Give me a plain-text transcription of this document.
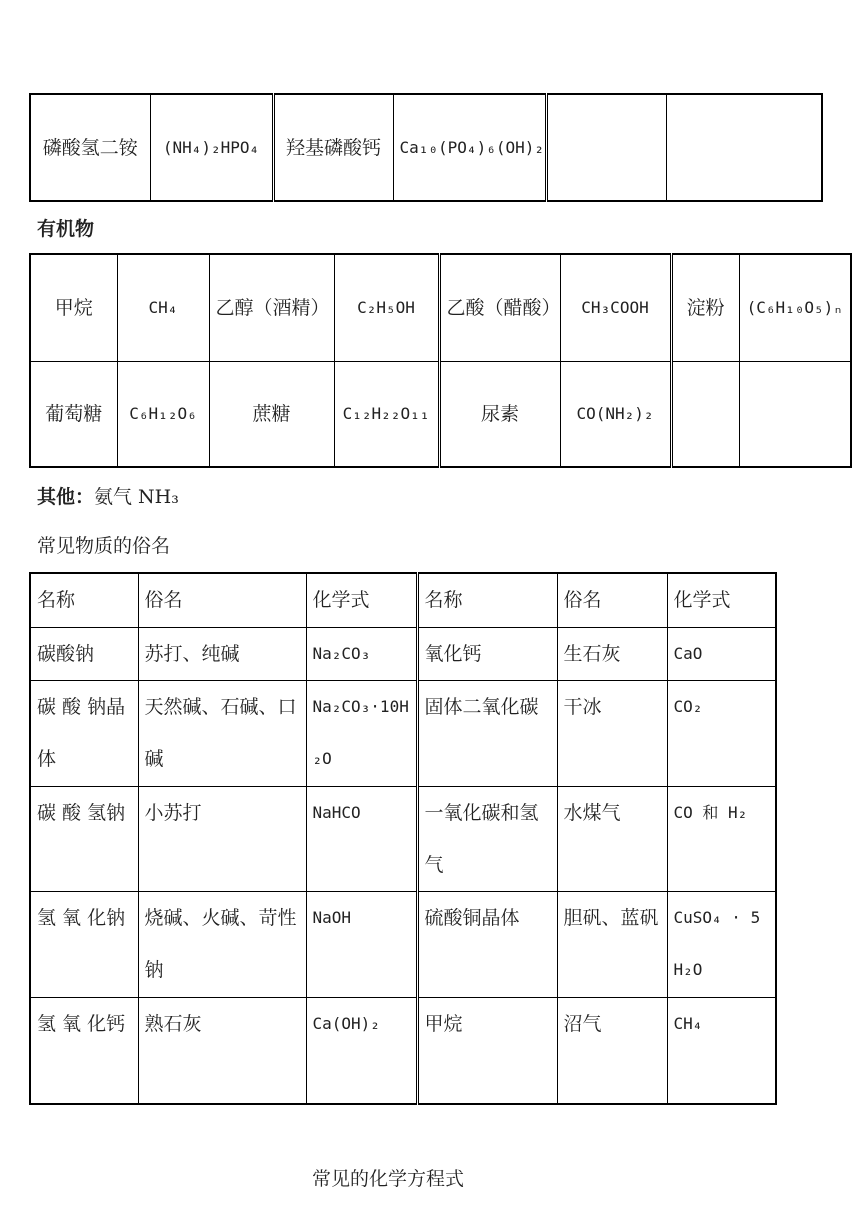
磷酸氢二铵	(NH₄)₂HPO₄	羟基磷酸钙	Ca₁₀(PO₄)₆(OH)₂		
有机物
甲烷	CH₄	乙醇（酒精）	C₂H₅OH	乙酸（醋酸）	CH₃COOH	淀粉	(C₆H₁₀O₅)ₙ
葡萄糖	C₆H₁₂O₆	蔗糖	C₁₂H₂₂O₁₁	尿素	CO(NH₂)₂		
其他：氨气 NH₃
常见物质的俗名
名称	俗名	化学式	名称	俗名	化学式
碳酸钠	苏打、纯碱	Na₂CO₃	氧化钙	生石灰	CaO
碳 酸 钠晶体	天然碱、石碱、口碱	Na₂CO₃·10H₂O	固体二氧化碳	干冰	CO₂
碳 酸 氢钠	小苏打	NaHCO	一氧化碳和氢气	水煤气	CO 和 H₂
氢 氧 化钠	烧碱、火碱、苛性钠	NaOH	硫酸铜晶体	胆矾、蓝矾	CuSO₄ · 5H₂O
氢 氧 化钙	熟石灰	Ca(OH)₂	甲烷	沼气	CH₄
常见的化学方程式
